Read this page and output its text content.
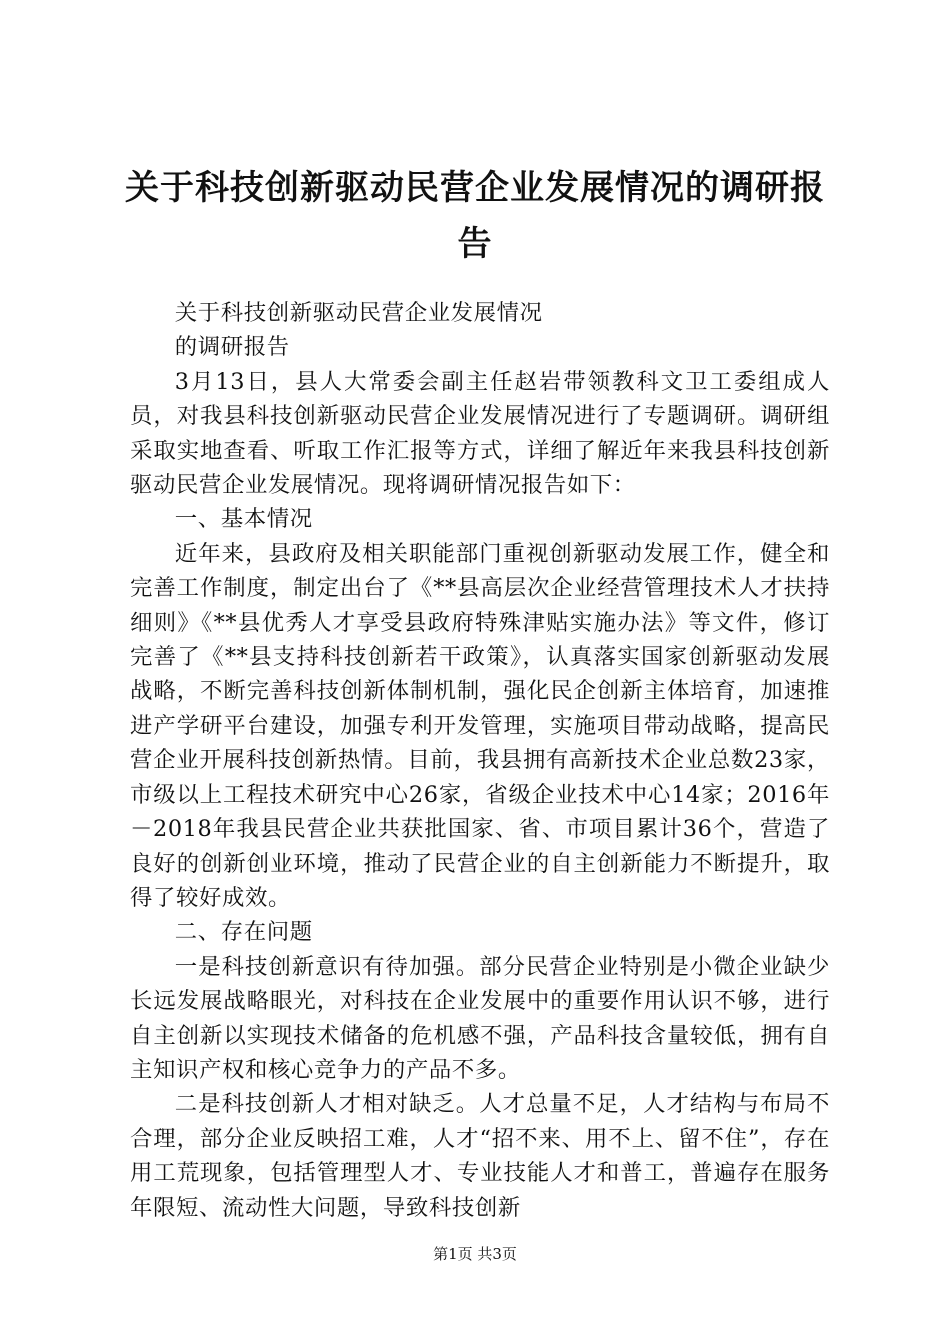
关于科技创新驱动民营企业发展情况的调研报告

关于科技创新驱动民营企业发展情况

的调研报告

3月13日，县人大常委会副主任赵岩带领教科文卫工委组成人员，对我县科技创新驱动民营企业发展情况进行了专题调研。调研组采取实地查看、听取工作汇报等方式，详细了解近年来我县科技创新驱动民营企业发展情况。现将调研情况报告如下：

一、基本情况

近年来，县政府及相关职能部门重视创新驱动发展工作，健全和完善工作制度，制定出台了《**县高层次企业经营管理技术人才扶持细则》《**县优秀人才享受县政府特殊津贴实施办法》等文件，修订完善了《**县支持科技创新若干政策》，认真落实国家创新驱动发展战略，不断完善科技创新体制机制，强化民企创新主体培育，加速推进产学研平台建设，加强专利开发管理，实施项目带动战略，提高民营企业开展科技创新热情。目前，我县拥有高新技术企业总数23家，市级以上工程技术研究中心26家，省级企业技术中心14家；2016年－2018年我县民营企业共获批国家、省、市项目累计36个，营造了良好的创新创业环境，推动了民营企业的自主创新能力不断提升，取得了较好成效。

二、存在问题

一是科技创新意识有待加强。部分民营企业特别是小微企业缺少长远发展战略眼光，对科技在企业发展中的重要作用认识不够，进行自主创新以实现技术储备的危机感不强，产品科技含量较低，拥有自主知识产权和核心竞争力的产品不多。

二是科技创新人才相对缺乏。人才总量不足，人才结构与布局不合理，部分企业反映招工难，人才“招不来、用不上、留不住”，存在用工荒现象，包括管理型人才、专业技能人才和普工，普遍存在服务年限短、流动性大问题，导致科技创新

第1页 共3页
